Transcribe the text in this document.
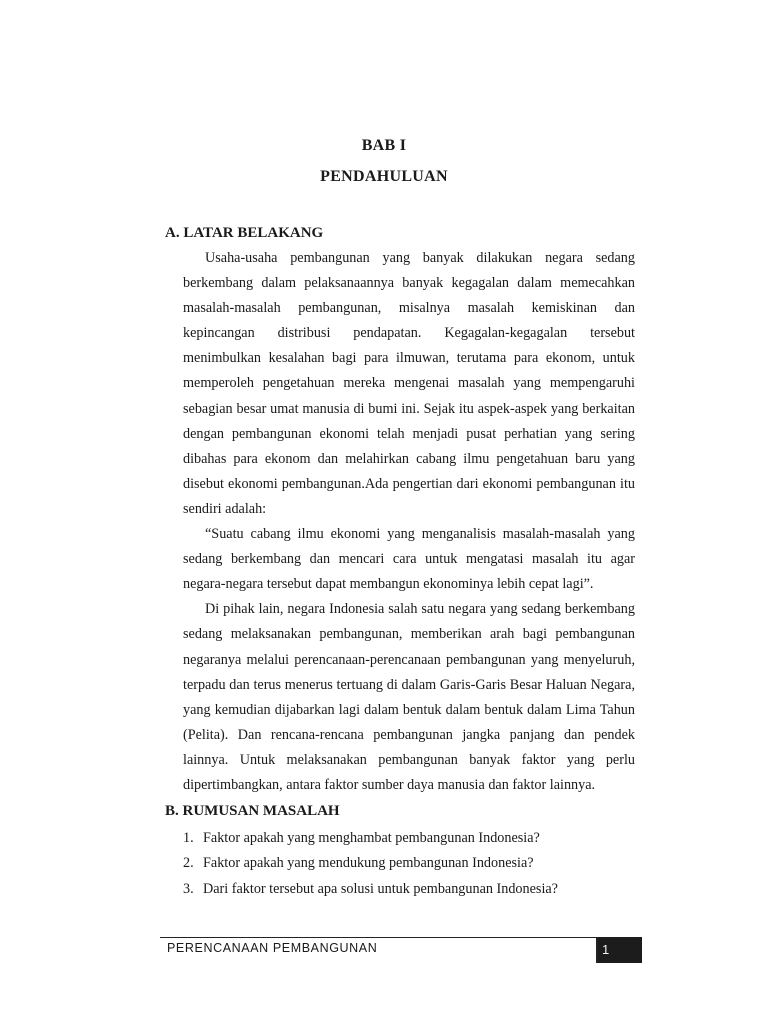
BAB I
PENDAHULUAN
A. LATAR BELAKANG

Usaha-usaha pembangunan yang banyak dilakukan negara sedang berkembang dalam pelaksanaannya banyak kegagalan dalam memecahkan masalah-masalah pembangunan, misalnya masalah kemiskinan dan kepincangan distribusi pendapatan. Kegagalan-kegagalan tersebut menimbulkan kesalahan bagi para ilmuwan, terutama para ekonom, untuk memperoleh pengetahuan mereka mengenai masalah yang mempengaruhi sebagian besar umat manusia di bumi ini. Sejak itu aspek-aspek yang berkaitan dengan pembangunan ekonomi telah menjadi pusat perhatian yang sering dibahas para ekonom dan melahirkan cabang ilmu pengetahuan baru yang disebut ekonomi pembangunan.Ada pengertian dari ekonomi pembangunan itu sendiri adalah:

“Suatu cabang ilmu ekonomi yang menganalisis masalah-masalah yang sedang berkembang dan mencari cara untuk mengatasi masalah itu agar negara-negara tersebut dapat membangun ekonominya lebih cepat lagi”.

Di pihak lain, negara Indonesia salah satu negara yang sedang berkembang sedang melaksanakan pembangunan, memberikan arah bagi pembangunan negaranya melalui perencanaan-perencanaan pembangunan yang menyeluruh, terpadu dan terus menerus tertuang di dalam Garis-Garis Besar Haluan Negara, yang kemudian dijabarkan lagi dalam bentuk dalam bentuk dalam Lima Tahun (Pelita). Dan rencana-rencana pembangunan jangka panjang dan pendek lainnya. Untuk melaksanakan pembangunan banyak faktor yang perlu dipertimbangkan, antara faktor sumber daya manusia dan faktor lainnya.

B. RUMUSAN MASALAH
1. Faktor apakah yang menghambat pembangunan Indonesia?
2. Faktor apakah yang mendukung pembangunan Indonesia?
3. Dari faktor tersebut apa solusi untuk pembangunan Indonesia?
PERENCANAAN PEMBANGUNAN	1
